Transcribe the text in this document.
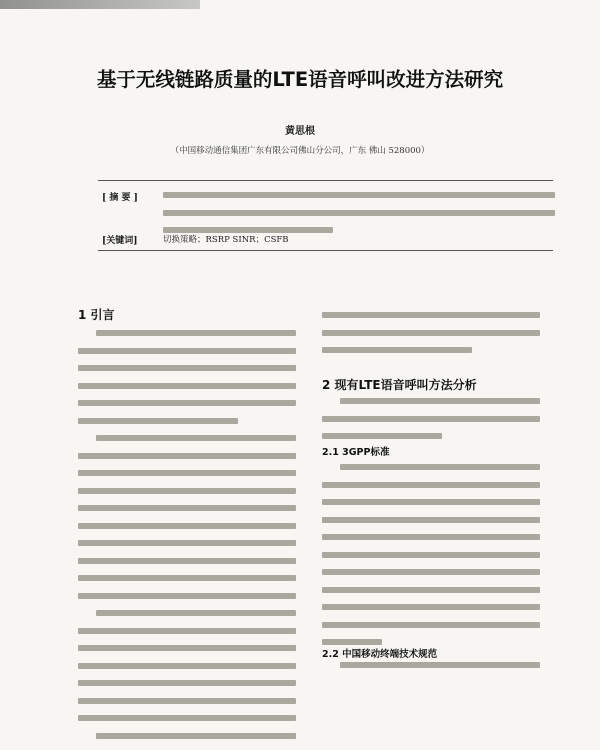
基于无线链路质量的LTE语音呼叫改进方法研究
黄思根
（中国移动通信集团广东有限公司佛山分公司，广东 佛山 528000）
[ 摘 要 ]
[关键词]	切换策略；RSRP SINR；CSFB
1 引言
2 现有LTE语音呼叫方法分析
2.1 3GPP标准
2.2 中国移动终端技术规范
